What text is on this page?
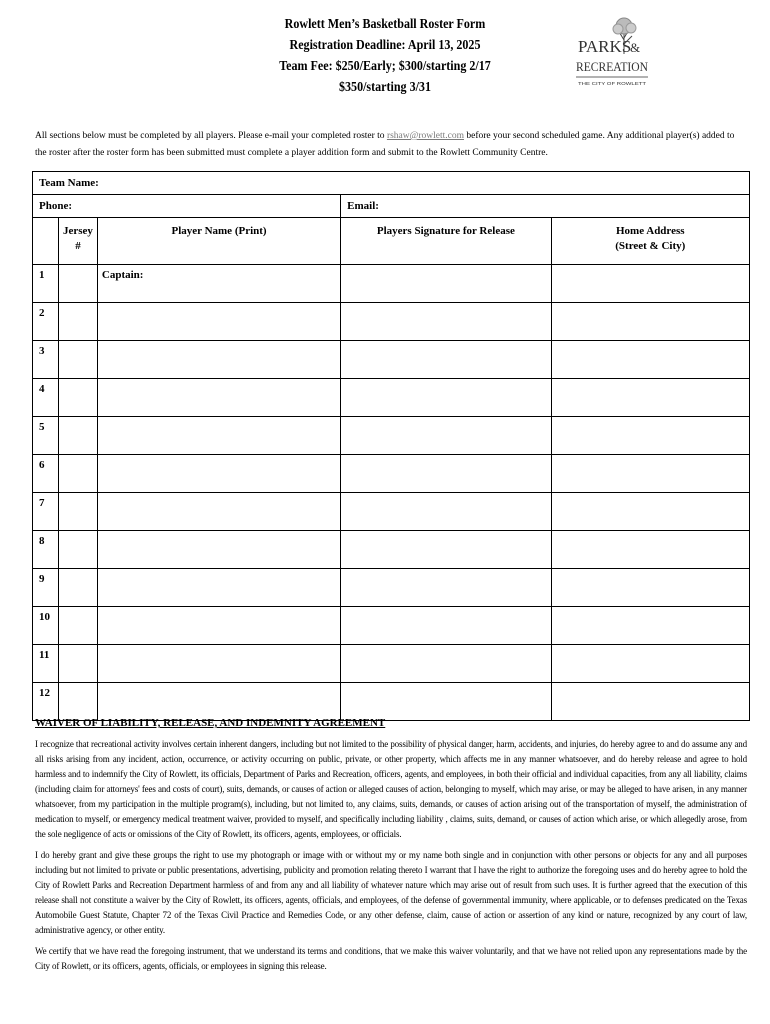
Rowlett Men’s Basketball Roster Form
Registration Deadline: April 13, 2025
Team Fee: $250/Early; $300/starting 2/17
$350/starting 3/31
PARKS
&
RECREATION
THE CITY OF ROWLETT
All sections below must be completed by all players. Please e-mail your completed roster to rshaw@rowlett.com before your second scheduled game. Any additional player(s) added to the roster after the roster form has been submitted must complete a player addition form and submit to the Rowlett Community Centre.
Team Name:				
Phone:			Email:	
	Jersey #	Player Name (Print)	Players Signature for Release	Home Address
(Street & City)

1		Captain:		
2				
3				
4				
5				
6				
7				
8				
9				
10				
11				
12				
WAIVER OF LIABILITY, RELEASE, AND INDEMNITY AGREEMENT

I recognize that recreational activity involves certain inherent dangers, including but not limited to the possibility of physical danger, harm, accidents, and injuries, do hereby agree to and do assume any and all risks arising from any incident, action, occurrence, or activity occurring on public, private, or other property, which affects me in any manner whatsoever, and do hereby release and agree to hold harmless and to indemnify the City of Rowlett, its officials, Department of Parks and Recreation, officers, agents, and employees, in both their official and individual capacities, from any all liability, claims (including claim for attorneys' fees and costs of court), suits, demands, or causes of action or alleged causes of action, belonging to myself, which may arise, or may be alleged to have arisen, in any manner whatsoever, from my participation in the multiple program(s), including, but not limited to, any claims, suits, demands, or causes of action arising out of the transportation of myself, the administration of medication to myself, or emergency medical treatment waiver, provided to myself, and specifically including liability , claims, suits, demand, or causes of action which arise, or which allegedly arose, from the sole negligence of acts or omissions of the City of Rowlett, its officers, agents, employees, or officials.

I do hereby grant and give these groups the right to use my photograph or image with or without my or my name both single and in conjunction with other persons or objects for any and all purposes including but not limited to private or public presentations, advertising, publicity and promotion relating thereto I warrant that I have the right to authorize the foregoing uses and do hereby agree to hold the City of Rowlett Parks and Recreation Department harmless of and from any and all liability of whatever nature which may arise out of result from such uses. It is further agreed that the execution of this release shall not constitute a waiver by the City of Rowlett, its officers, agents, officials, and employees, of the defense of governmental immunity, where applicable, or to defenses predicated on the Texas Automobile Guest Statute, Chapter 72 of the Texas Civil Practice and Remedies Code, or any other defense, claim, cause of action or assertion of any kind or nature, recognized by any court of law, administrative agency, or other entity.

We certify that we have read the foregoing instrument, that we understand its terms and conditions, that we make this waiver voluntarily, and that we have not relied upon any representations made by the City of Rowlett, or its officers, agents, officials, or employees in signing this release.
